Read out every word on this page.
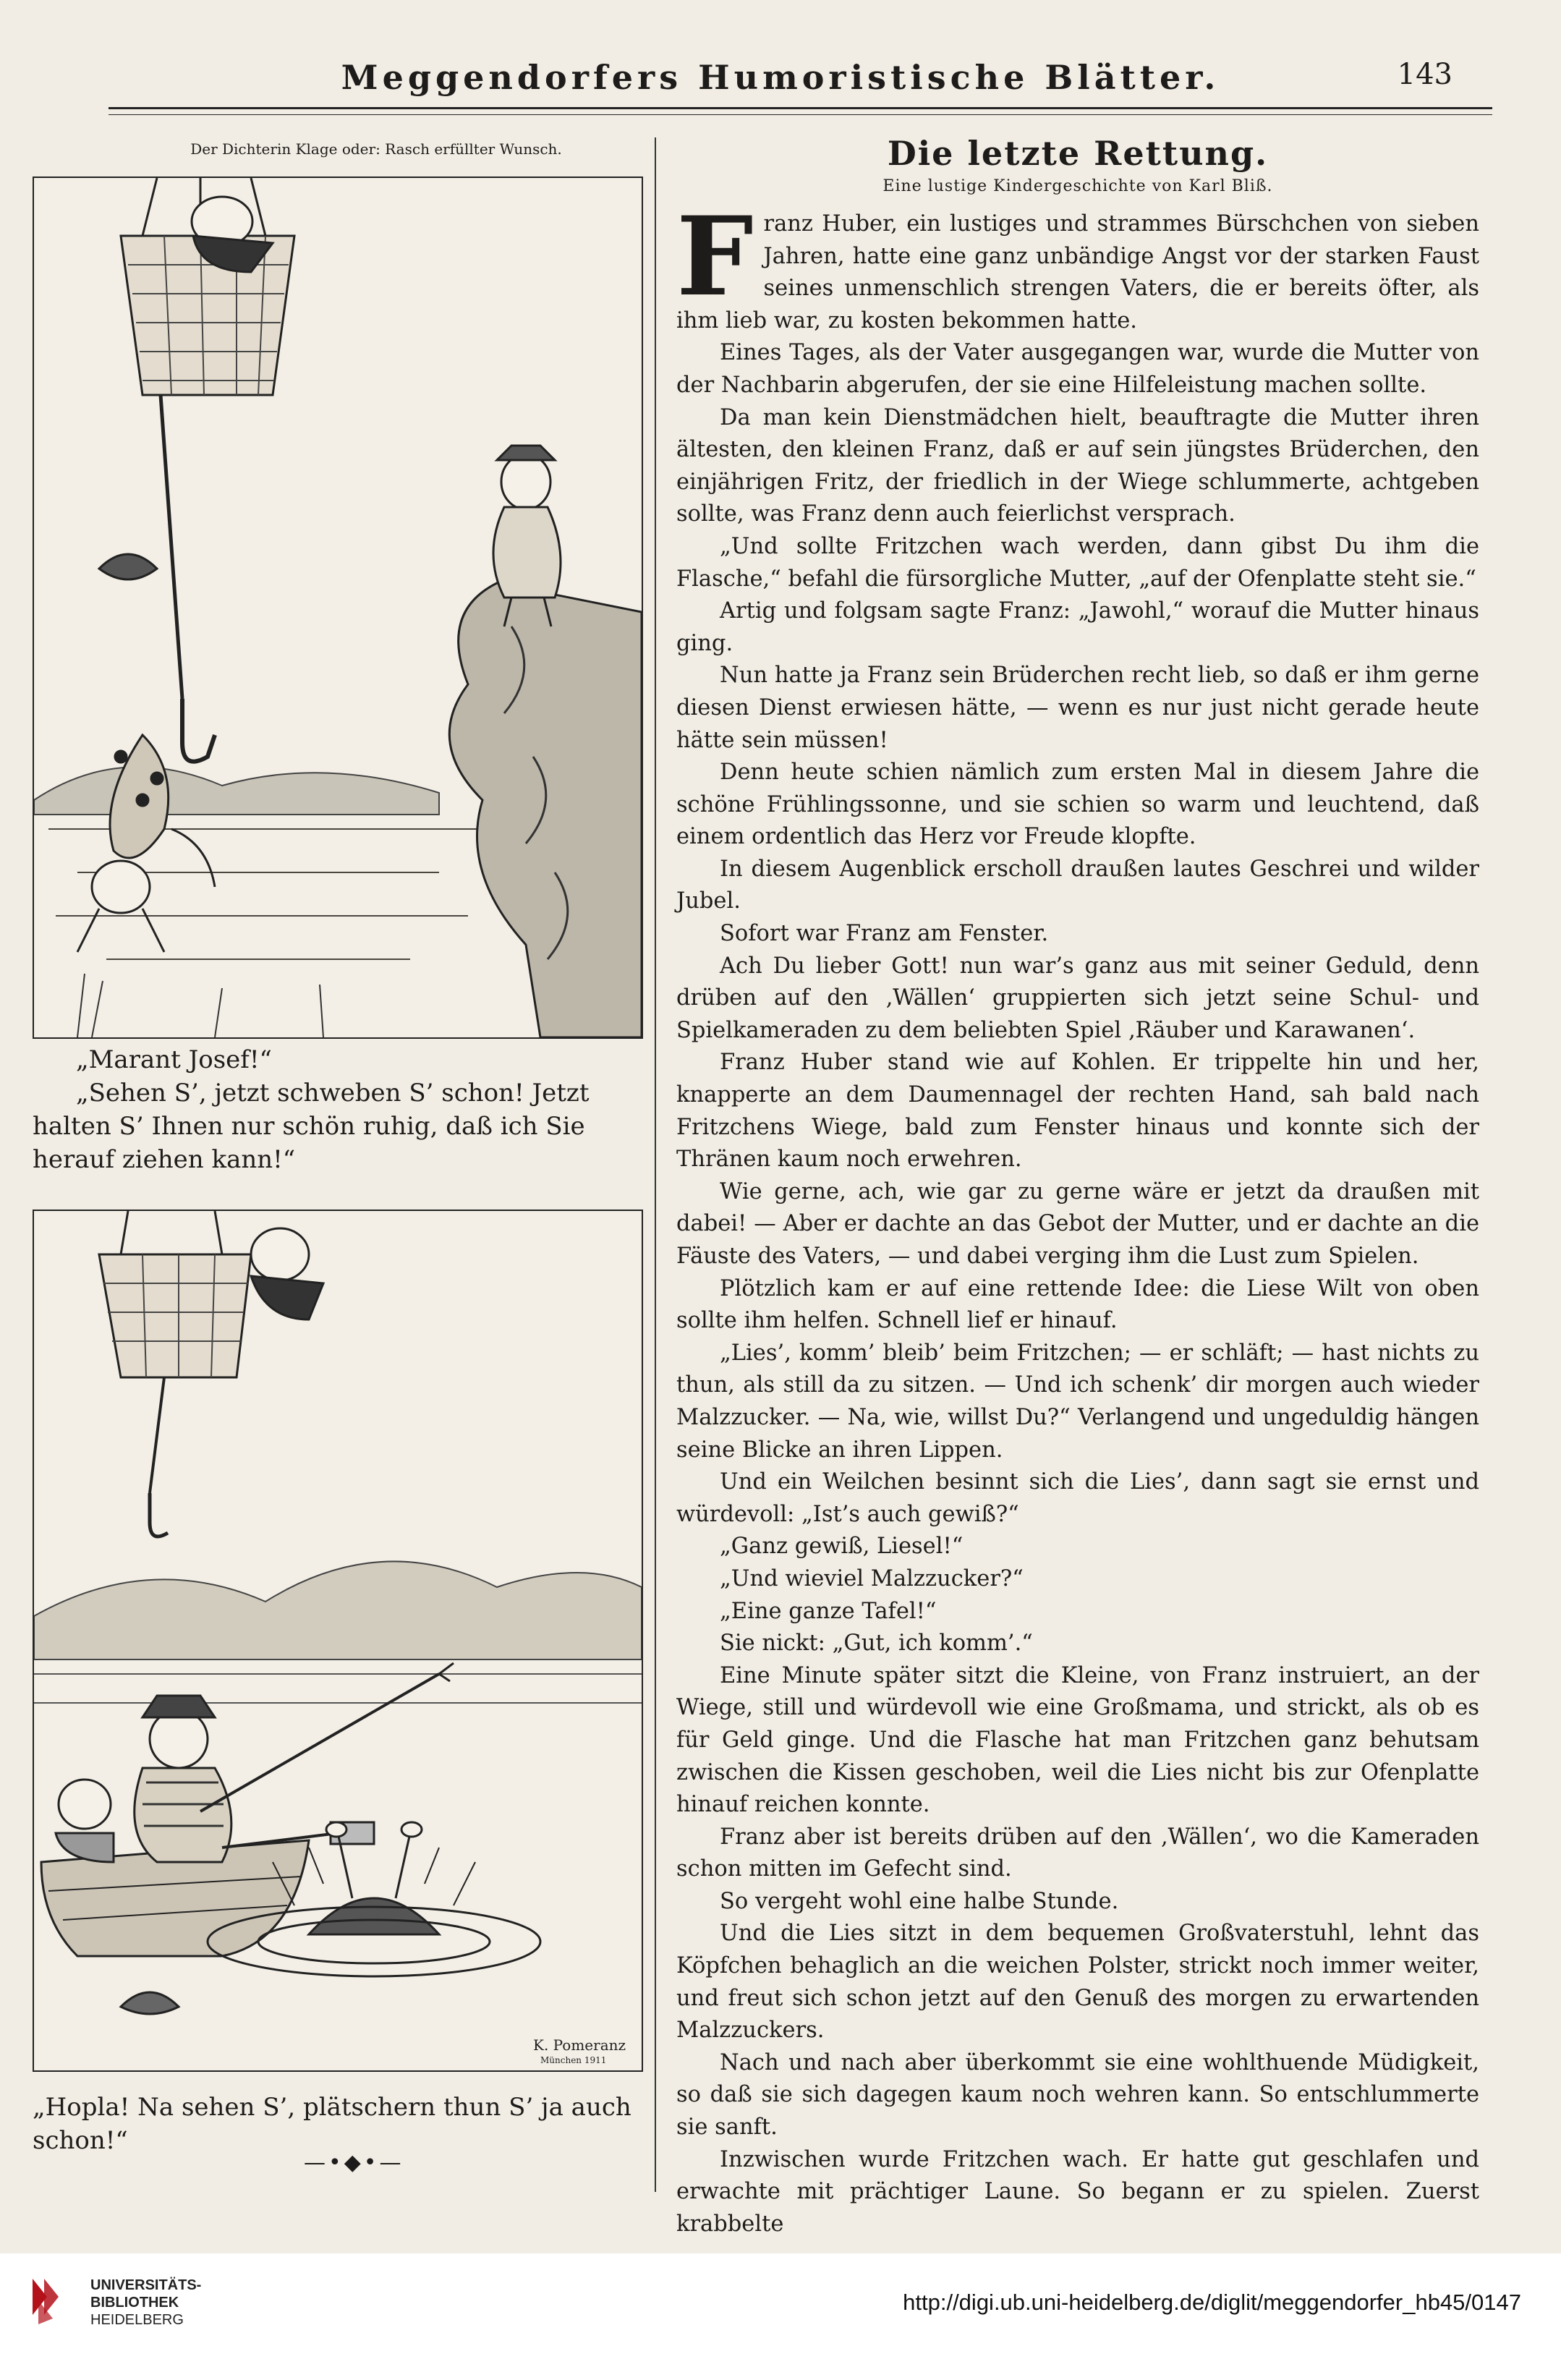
Meggendorfers Humoristische Blätter.	143
Der Dichterin Klage oder: Rasch erfüllter Wunsch.

„Marant Josef!“

„Sehen S’, jetzt schweben S’ schon! Jetzt halten S’ Ihnen nur schön ruhig, daß ich Sie herauf ziehen kann!“

K. Pomeranz
München 1911

„Hopla! Na sehen S’, plätschern thun S’ ja auch schon!“

—•◆•—
Die letzte Rettung.
Eine lustige Kindergeschichte von Karl Bliß.

Franz Huber, ein lustiges und strammes Bürschchen von sieben Jahren, hatte eine ganz unbändige Angst vor der starken Faust seines unmenschlich strengen Vaters, die er bereits öfter, als ihm lieb war, zu kosten bekommen hatte.

Eines Tages, als der Vater ausgegangen war, wurde die Mutter von der Nachbarin abgerufen, der sie eine Hilfeleistung machen sollte.

Da man kein Dienstmädchen hielt, beauftragte die Mutter ihren ältesten, den kleinen Franz, daß er auf sein jüngstes Brüderchen, den einjährigen Fritz, der friedlich in der Wiege schlummerte, achtgeben sollte, was Franz denn auch feierlichst versprach.

„Und sollte Fritzchen wach werden, dann gibst Du ihm die Flasche,“ befahl die fürsorgliche Mutter, „auf der Ofenplatte steht sie.“

Artig und folgsam sagte Franz: „Jawohl,“ worauf die Mutter hinaus ging.

Nun hatte ja Franz sein Brüderchen recht lieb, so daß er ihm gerne diesen Dienst erwiesen hätte, — wenn es nur just nicht gerade heute hätte sein müssen!

Denn heute schien nämlich zum ersten Mal in diesem Jahre die schöne Frühlingssonne, und sie schien so warm und leuchtend, daß einem ordentlich das Herz vor Freude klopfte.

In diesem Augenblick erscholl draußen lautes Geschrei und wilder Jubel.

Sofort war Franz am Fenster.

Ach Du lieber Gott! nun war’s ganz aus mit seiner Geduld, denn drüben auf den ‚Wällen‘ gruppierten sich jetzt seine Schul- und Spielkameraden zu dem beliebten Spiel ‚Räuber und Karawanen‘.

Franz Huber stand wie auf Kohlen. Er trippelte hin und her, knapperte an dem Daumennagel der rechten Hand, sah bald nach Fritzchens Wiege, bald zum Fenster hinaus und konnte sich der Thränen kaum noch erwehren.

Wie gerne, ach, wie gar zu gerne wäre er jetzt da draußen mit dabei! — Aber er dachte an das Gebot der Mutter, und er dachte an die Fäuste des Vaters, — und dabei verging ihm die Lust zum Spielen.

Plötzlich kam er auf eine rettende Idee: die Liese Wilt von oben sollte ihm helfen. Schnell lief er hinauf.

„Lies’, komm’ bleib’ beim Fritzchen; — er schläft; — hast nichts zu thun, als still da zu sitzen. — Und ich schenk’ dir morgen auch wieder Malzzucker. — Na, wie, willst Du?“ Verlangend und ungeduldig hängen seine Blicke an ihren Lippen.

Und ein Weilchen besinnt sich die Lies’, dann sagt sie ernst und würdevoll: „Ist’s auch gewiß?“

„Ganz gewiß, Liesel!“

„Und wieviel Malzzucker?“

„Eine ganze Tafel!“

Sie nickt: „Gut, ich komm’.“

Eine Minute später sitzt die Kleine, von Franz instruiert, an der Wiege, still und würdevoll wie eine Großmama, und strickt, als ob es für Geld ginge. Und die Flasche hat man Fritzchen ganz behutsam zwischen die Kissen geschoben, weil die Lies nicht bis zur Ofenplatte hinauf reichen konnte.

Franz aber ist bereits drüben auf den ‚Wällen‘, wo die Kameraden schon mitten im Gefecht sind.

So vergeht wohl eine halbe Stunde.

Und die Lies sitzt in dem bequemen Großvaterstuhl, lehnt das Köpfchen behaglich an die weichen Polster, strickt noch immer weiter, und freut sich schon jetzt auf den Genuß des morgen zu erwartenden Malzzuckers.

Nach und nach aber überkommt sie eine wohlthuende Müdigkeit, so daß sie sich dagegen kaum noch wehren kann. So entschlummerte sie sanft.

Inzwischen wurde Fritzchen wach. Er hatte gut geschlafen und erwachte mit prächtiger Laune. So begann er zu spielen. Zuerst krabbelte

UNIVERSITÄTS-
BIBLIOTHEK
HEIDELBERG
http://digi.ub.uni-heidelberg.de/diglit/meggendorfer_hb45/0147
